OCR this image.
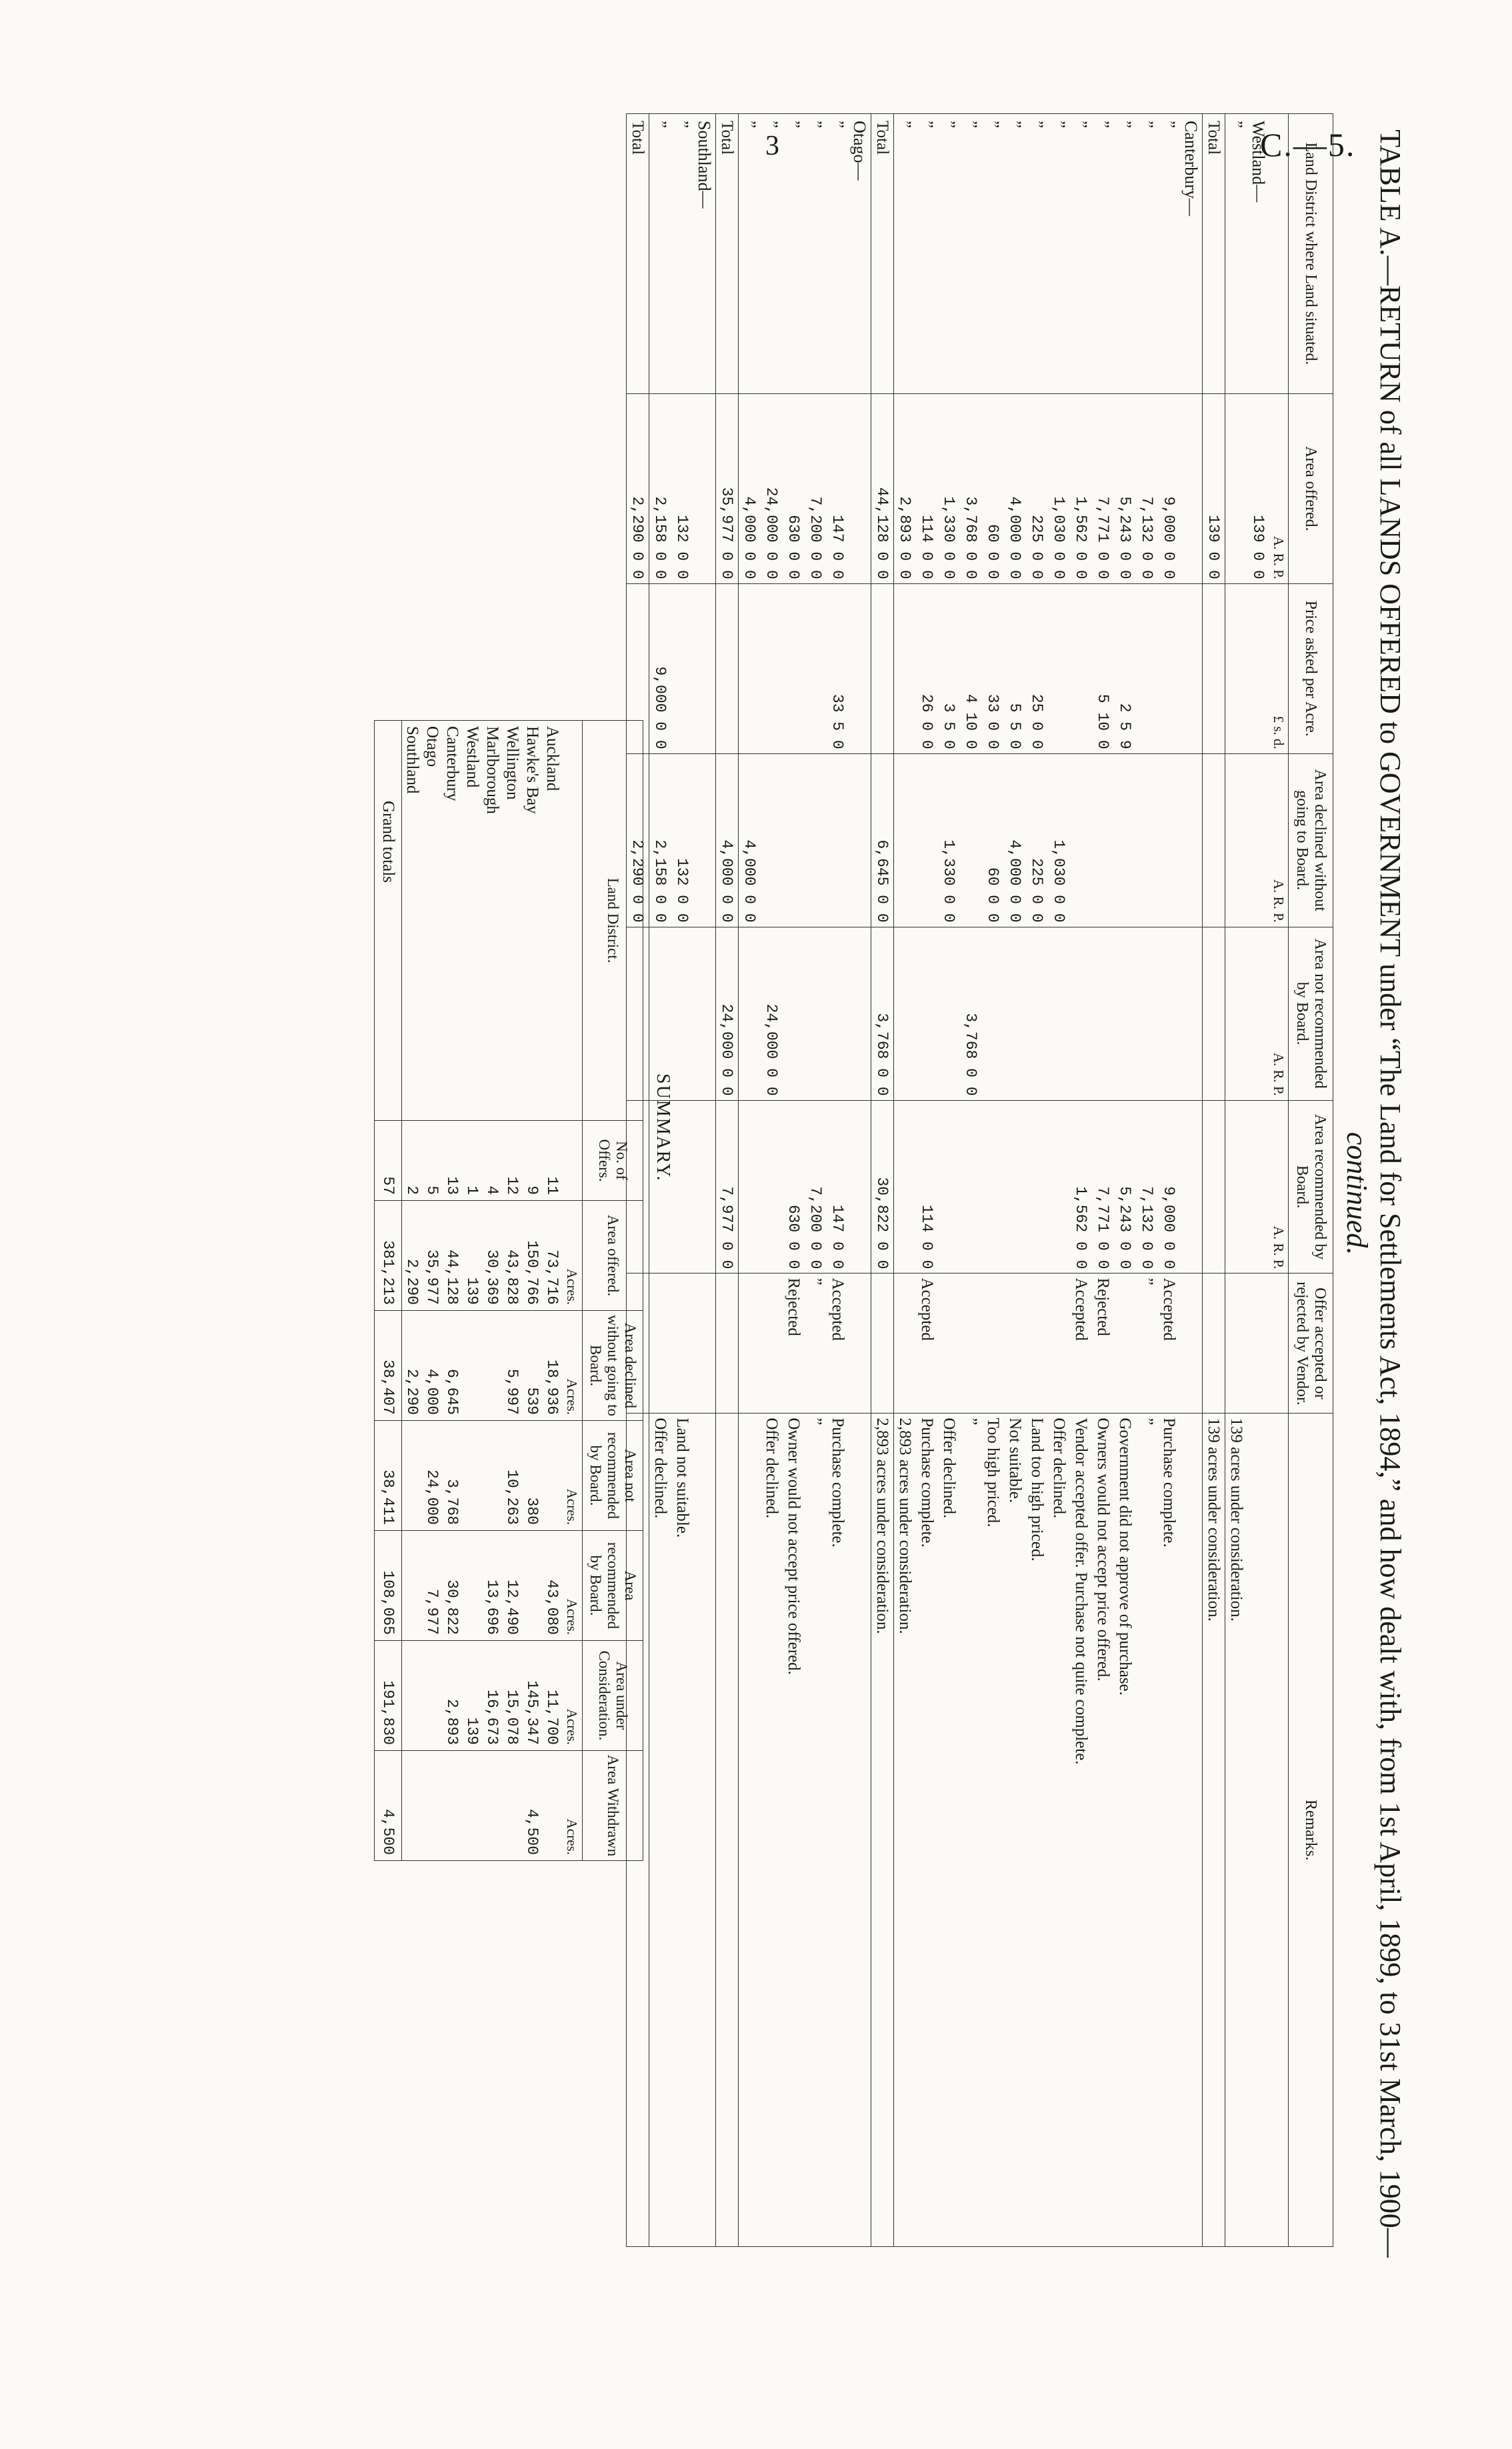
3	C.—5. TABLE A.—RETURN of all LANDS OFFERED to GOVERNMENT under “The Land for Settlements Act, 1894,” and how dealt with, from 1st April, 1899, to 31st March, 1900—continued.
Land District where Land situated.	Area offered.	Price asked per Acre.	Area declined without going to Board.	Area not recommended by Board.	Area recommended by Board.	Offer accepted or rejected by Vendor.	Remarks.
	A. R. P.	£ s. d.	A. R. P.	A. R. P.	A. R. P.		
Westland—	139 0 0						
”							139 acres under consideration.
Total	139 0 0						139 acres under consideration.
Canterbury—							
”	9,000 0 0				9,000 0 0	Accepted	Purchase complete.
”	7,132 0 0				7,132 0 0	”	”
”	5,243 0 0	2 5 9			5,243 0 0		Government did not approve of purchase.
”	7,771 0 0	5 10 0			7,771 0 0	Rejected	Owners would not accept price offered.
”	1,562 0 0				1,562 0 0	Accepted	Vendor accepted offer. Purchase not quite complete.
”	1,030 0 0		1,030 0 0				Offer declined.
”	225 0 0	25 0 0	225 0 0				Land too high priced.
”	4,000 0 0	5 5 0	4,000 0 0				Not suitable.
”	60 0 0	33 0 0	60 0 0				Too high priced.
”	3,768 0 0	4 10 0		3,768 0 0			”
”	1,330 0 0	3 5 0	1,330 0 0				Offer declined.
”	114 0 0	26 0 0			114 0 0	Accepted	Purchase complete.
”	2,893 0 0						2,893 acres under consideration.
Total	44,128 0 0		6,645 0 0	3,768 0 0	30,822 0 0		2,893 acres under consideration.
Otago—							
”	147 0 0	33 5 0			147 0 0	Accepted	Purchase complete.
”	7,200 0 0				7,200 0 0	”	”
”	630 0 0				630 0 0	Rejected	Owner would not accept price offered.
”	24,000 0 0			24,000 0 0			Offer declined.
”	4,000 0 0		4,000 0 0				
Total	35,977 0 0		4,000 0 0	24,000 0 0	7,977 0 0		
Southland—							
”	132 0 0		132 0 0				Land not suitable.
”	2,158 0 0	9,000 0 0	2,158 0 0				Offer declined.
Total	2,290 0 0		2,290 0 0				
SUMMARY.
Land District.	No. of Offers.	Area offered.	Area declined without going to Board.	Area not recommended by Board.	Area recommended by Board.	Area under Consideration.	Area Withdrawn
		Acres.	Acres.	Acres.	Acres.	Acres.	Acres.
Auckland	11	73,716	18,936		43,080	11,700	
Hawke's Bay	9	150,766	539	380		145,347	4,500
Wellington	12	43,828	5,997	10,263	12,490	15,078	
Marlborough	4	30,369			13,696	16,673	
Westland	1	139				139	
Canterbury	13	44,128	6,645	3,768	30,822	2,893	
Otago	5	35,977	4,000	24,000	7,977		
Southland	2	2,290	2,290				
Grand totals	57	381,213	38,407	38,411	108,065	191,830	4,500
